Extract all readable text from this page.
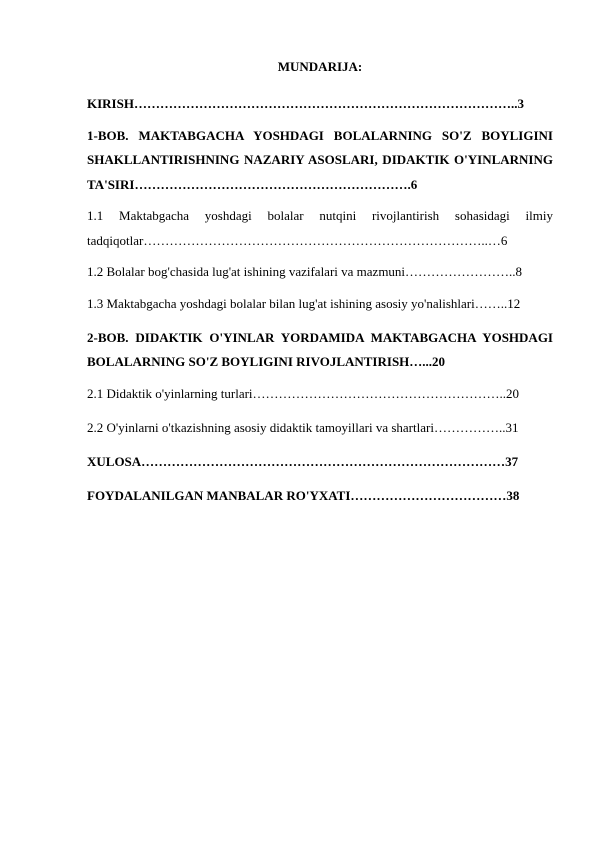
MUNDARIJA:
KIRISH……………………………………………………………………………..3
1-BOB. MAKTABGACHA YOSHDAGI BOLALARNING SO'Z BOYLIGINI SHAKLLANTIRISHNING NAZARIY ASOSLARI, DIDAKTIK O'YINLARNING TA'SIRI……………………………………………………….6
1.1 Maktabgacha yoshdagi bolalar nutqini rivojlantirish sohasidagi ilmiy tadqiqotlar……………………………………………………………………..…6
1.2 Bolalar bog'chasida lug'at ishining vazifalari va mazmuni……………………..8
1.3 Maktabgacha yoshdagi bolalar bilan lug'at ishining asosiy yo'nalishlari……..12
2-BOB. DIDAKTIK O'YINLAR YORDAMIDA MAKTABGACHA YOSHDAGI BOLALARNING SO'Z BOYLIGINI RIVOJLANTIRISH…...20
2.1 Didaktik o'yinlarning turlari…………………………………………………..20
2.2 O'yinlarni o'tkazishning asosiy didaktik tamoyillari va shartlari……………..31
XULOSA…………………………………………………………………………37
FOYDALANILGAN MANBALAR RO'YXATI………………………………38
